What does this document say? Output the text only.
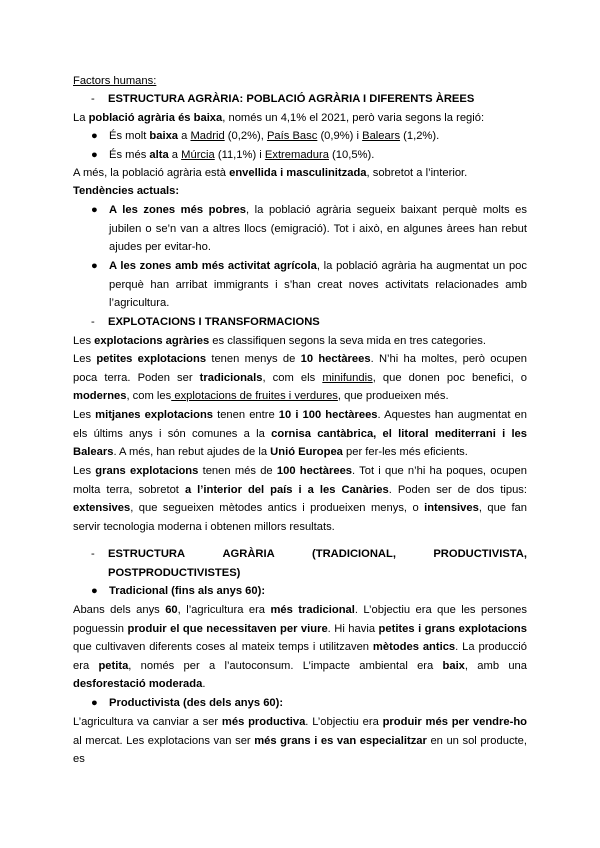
Factors humans:
- ESTRUCTURA AGRÀRIA: POBLACIÓ AGRÀRIA I DIFERENTS ÀREES
La població agrària és baixa, només un 4,1% el 2021, però varia segons la regió:
●	És molt baixa a Madrid (0,2%), País Basc (0,9%) i Balears (1,2%).
●	És més alta a Múrcia (11,1%) i Extremadura (10,5%).
A més, la població agrària està envellida i masculinitzada, sobretot a l’interior.
Tendències actuals:
●	A les zones més pobres, la població agrària segueix baixant perquè molts es jubilen o se’n van a altres llocs (emigració). Tot i això, en algunes àrees han rebut ajudes per evitar-ho.
●	A les zones amb més activitat agrícola, la població agrària ha augmentat un poc perquè han arribat immigrants i s’han creat noves activitats relacionades amb l’agricultura.
- EXPLOTACIONS I TRANSFORMACIONS
Les explotacions agràries es classifiquen segons la seva mida en tres categories.
Les petites explotacions tenen menys de 10 hectàrees. N’hi ha moltes, però ocupen poca terra. Poden ser tradicionals, com els minifundis, que donen poc benefici, o modernes, com les explotacions de fruites i verdures, que produeixen més.
Les mitjanes explotacions tenen entre 10 i 100 hectàrees. Aquestes han augmentat en els últims anys i són comunes a la cornisa cantàbrica, el litoral mediterrani i les Balears. A més, han rebut ajudes de la Unió Europea per fer-les més eficients.
Les grans explotacions tenen més de 100 hectàrees. Tot i que n’hi ha poques, ocupen molta terra, sobretot a l’interior del país i a les Canàries. Poden ser de dos tipus: extensives, que segueixen mètodes antics i produeixen menys, o intensives, que fan servir tecnologia moderna i obtenen millors resultats.
- ESTRUCTURA	AGRÀRIA	(TRADICIONAL,	PRODUCTIVISTA,
POSTPRODUCTIVISTES)
●	Tradicional (fins als anys 60):
Abans dels anys 60, l’agricultura era més tradicional. L’objectiu era que les persones poguessin produir el que necessitaven per viure. Hi havia petites i grans explotacions que cultivaven diferents coses al mateix temps i utilitzaven mètodes antics. La producció era petita, només per a l’autoconsum. L’impacte ambiental era baix, amb una desforestació moderada.
●	Productivista (des dels anys 60):
L’agricultura va canviar a ser més productiva. L’objectiu era produir més per vendre-ho al mercat. Les explotacions van ser més grans i es van especialitzar en un sol producte, es
